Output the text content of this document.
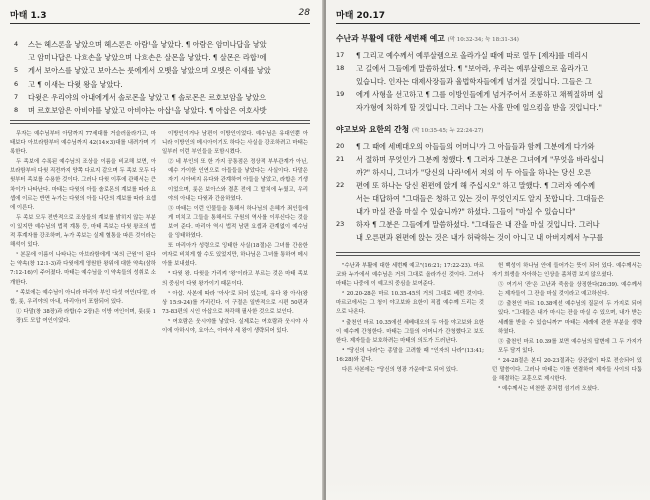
마태 1.3	28
4 스는 헤스론을 낳았으며 헤스론은 아람¹을 낳았다. ¶ 아람은 암미나답을 낳았
고 암미나답은 나흐손을 낳았으며 나흐손은 살몬을 낳았다. ¶ 살몬은 라합¹에
5 게서 보아스를 낳았고 보아스는 룻에게서 오벳을 낳았으며 오벳은 이새를 낳았
6 고 ¶ 이새는 다윗 왕을 낳았다.
7 다윗은 우리야의 아내에게서 솔로몬을 낳았고 ¶ 솔로몬은 르호보암을 낳았으
8 며 르호보암은 아비야를 낳았고 아비야는 아삽¹을 낳았다. ¶ 아삽은 여호사밧

무자는 예수님부터 아담까지 77세대를 거슬러올라가고, 마태보다 아브라함부터 예수님까지 42(14×3)대를 내려가며 기록한다.

두 족보에 수록된 예수님의 조상을 이름을 비교해 보면, 아브라함부터 다윗 직전까지 양쪽 다르지 같으며 두 족보 모두 다윗부터 족보를 수용한 것이다. 그러나 다윗 이후에 관해서는 큰 차이가 나타난다. 마태는 다윗의 아들 솔로몬의 계보를 따라 요셉에 이르는 반면 누가는 다윗의 아들 나단의 계보를 따라 요셉에 이른다.

두 족보 모두 전반적으로 조상들의 계보를 밝히지 않는 부분이 있지만 예수님의 법적 계통 등, 마태 족보는 다윗 왕조의 법적 후계자를 강조하며, 누가 족보는 실제 혈통을 따른 것이라는 해석이 있다.

¹ 본문에 이름이 나타나는 아브라함에게 '복의 근원'이 된다는 약속(창 12:1-3)과 다윗에게 영원한 왕위에 대한 약속(삼하 7:12-16)이 주어졌다. 마태는 예수님을 이 약속들의 성취로 소개한다.

² 족보에는 예수님이 아니라 마리아 부인 다섯 여인(다말, 라합, 룻, 우리야의 아내, 마리아)이 포함되어 있다.

① 다말(창 38장)과 라합(수 2장)은 이방 여인이며, 룻(룻 1장)도 모압 여인이었다.

이방인이거나 남편이 이방인이었다. 예수님은 유대인뿐 아니라 이방인의 메시아이기도 하다는 사실을 강조하려고 마태는 일부러 이런 부인들을 포함시켰다.

② 네 부인의 또 한 가지 공통점은 정상적 부부관계가 아닌, 예수 가이한 인연으로 아들들을 낳았다는 사실이다. 다말은 자기 시아버지 유다와 관계하여 아들을 낳았고, 라합은 기생이었으며, 룻은 보아스와 결혼 전에 그 발치에 누웠고, 우리야의 아내는 다윗과 간음하였다.

③ 마태는 이런 인물들을 통해서 하나님의 은혜가 죄인들에게 미치고 그들을 통해서도 구원의 역사를 이루신다는 것을 보여 준다. 마리아 역시 법적 남편 요셉과 관계없이 예수님을 잉태하였다.

또 마리아가 성령으로 잉태한 사실(18절)은 그녀를 간음한 여자로 비치게 할 수도 있었지만, 하나님은 그녀를 통하여 메시아를 보내셨다.

³ 다윗 왕. 다윗을 가리켜 '왕'이라고 부르는 것은 마태 족보의 중심이 다윗 왕가이기 때문이다.

¹ 아삽. 사본에 따라 '아사'로 되어 있는데, 유다 왕 아사(왕상 15:9-24)를 가리킨다. 이 구절은 일반적으로 시편 50편과 73-83편의 시인 아삽으로 착각해 필사한 것으로 보인다.

⁵ 여호람은 웃시야를 낳았다. 실제로는 여호람과 웃시야 사이에 아하시야, 요아스, 아마샤 세 왕이 생략되어 있다.

마태 20.17
수난과 부활에 대한 세번째 예고 (막 10:32-34; 눅 18:31-34)
17 ¶ 그리고 예수께서 예루살렘으로 올라가실 때에 따로 열두 [제자]를 데리시
18 고 길에서 그들에게 말씀하셨다. ¶ "보아라, 우리는 예루살렘으로 올라가고
있습니다. 인자는 대제사장들과 율법학자들에게 넘겨질 것입니다. 그들은 그
19 에게 사형을 선고하고 ¶ 그를 이방인들에게 넘겨주어서 조롱하고 채찍질하며 십
자가형에 처하게 할 것입니다. 그러나 그는 사흘 만에 일으킴을 받을 것입니다."
야고보와 요한의 간청 (막 10:35-45; 누 22:24-27)
20 ¶ 그 때에 세베대오의 아들들의 어머니¹가 그 아들들과 함께 그분에게 다가와
21 서 절하며 무엇인가 그분께 청했다. ¶ 그러자 그분은 그녀에게 "무엇을 바라십니
까?" 하시니, 그녀가 "당신의 나라¹에서 저의 이 두 아들을 하나는 당신 오른
22 편에 또 하나는 당신 왼편에 앉게 해 주십시오" 하고 말했다. ¶ 그러자 예수께
서는 대답하여 "그대들은 청하고 있는 것이 무엇인지도 알지 못합니다. 그대들은
내가 마실 잔을 마실 수 있습니까?" 하셨다. 그들이 "마실 수 있습니다"
23 하자 ¶ 그분은 그들에게 말씀하셨다. "그대들은 내 잔을 마실 것입니다. 그러나
내 오른편과 왼편에 앉는 것은 내가 허락하는 것이 아니고 내 아버지께서 누구를

"수난과 부활에 대한 세번째 예고"(16:21; 17:22-23). 마르코와 누가에서 예수님은 거의 그대로 올라가신 것이다. 그러나 마태는 나중에 이 예고의 중심을 보여준다.

² 20.20-28은 마르 10.35-45의 거의 그대로 베낀 것이다. 마르코에서는 그 청이 야고보와 요한이 직접 예수께 드리는 것으로 나온다.

³ 출천인 마르 10.35에선 세베대오의 두 아들 야고보와 요한이 예수께 간청한다. 마태는 그들의 어머니가 간청했다고 보도한다. 제자들을 보호하려는 마태의 의도가 드러난다.

⁴ "당신의 나라"는 종말을 고려할 때 "인자의 나라"(13:41; 16:28)와 같다.

다른 사본에는 "당신의 영광 가운데"로 되어 있다.

헌 백성이 하나님 안에 들어가는 뜻이 되어 있다. 예수께서는 자기 희생을 자아하는 인상을 좀처럼 보지 않으셨다.

⑤ 여기서 '잔'은 고난과 죽음을 상징한다(26:39). 예수께서는 제자들이 그 잔을 마실 것이라고 예고하신다.

② 출천인 마르 10.38에선 예수님의 질문이 두 가지로 되어 있다. "그대들은 내가 마시는 잔을 마실 수 있으며, 내가 받는 세례를 받을 수 있습니까?" 마태는 세례에 관한 부분을 생략하였다.

③ 출천인 마르 10.39를 보면 예수님의 답변에 그 두 가지가 모두 담겨 있다.

² 24-28절은 본디 20-23절과는 상관없이 따로 전승되어 있던 말씀이다. 그러나 마태는 이를 연결하여 제자들 사이의 다툼을 해결하는 교훈으로 제시한다.

³ 예수께서는 비천한 종처럼 섬기러 오셨다.
